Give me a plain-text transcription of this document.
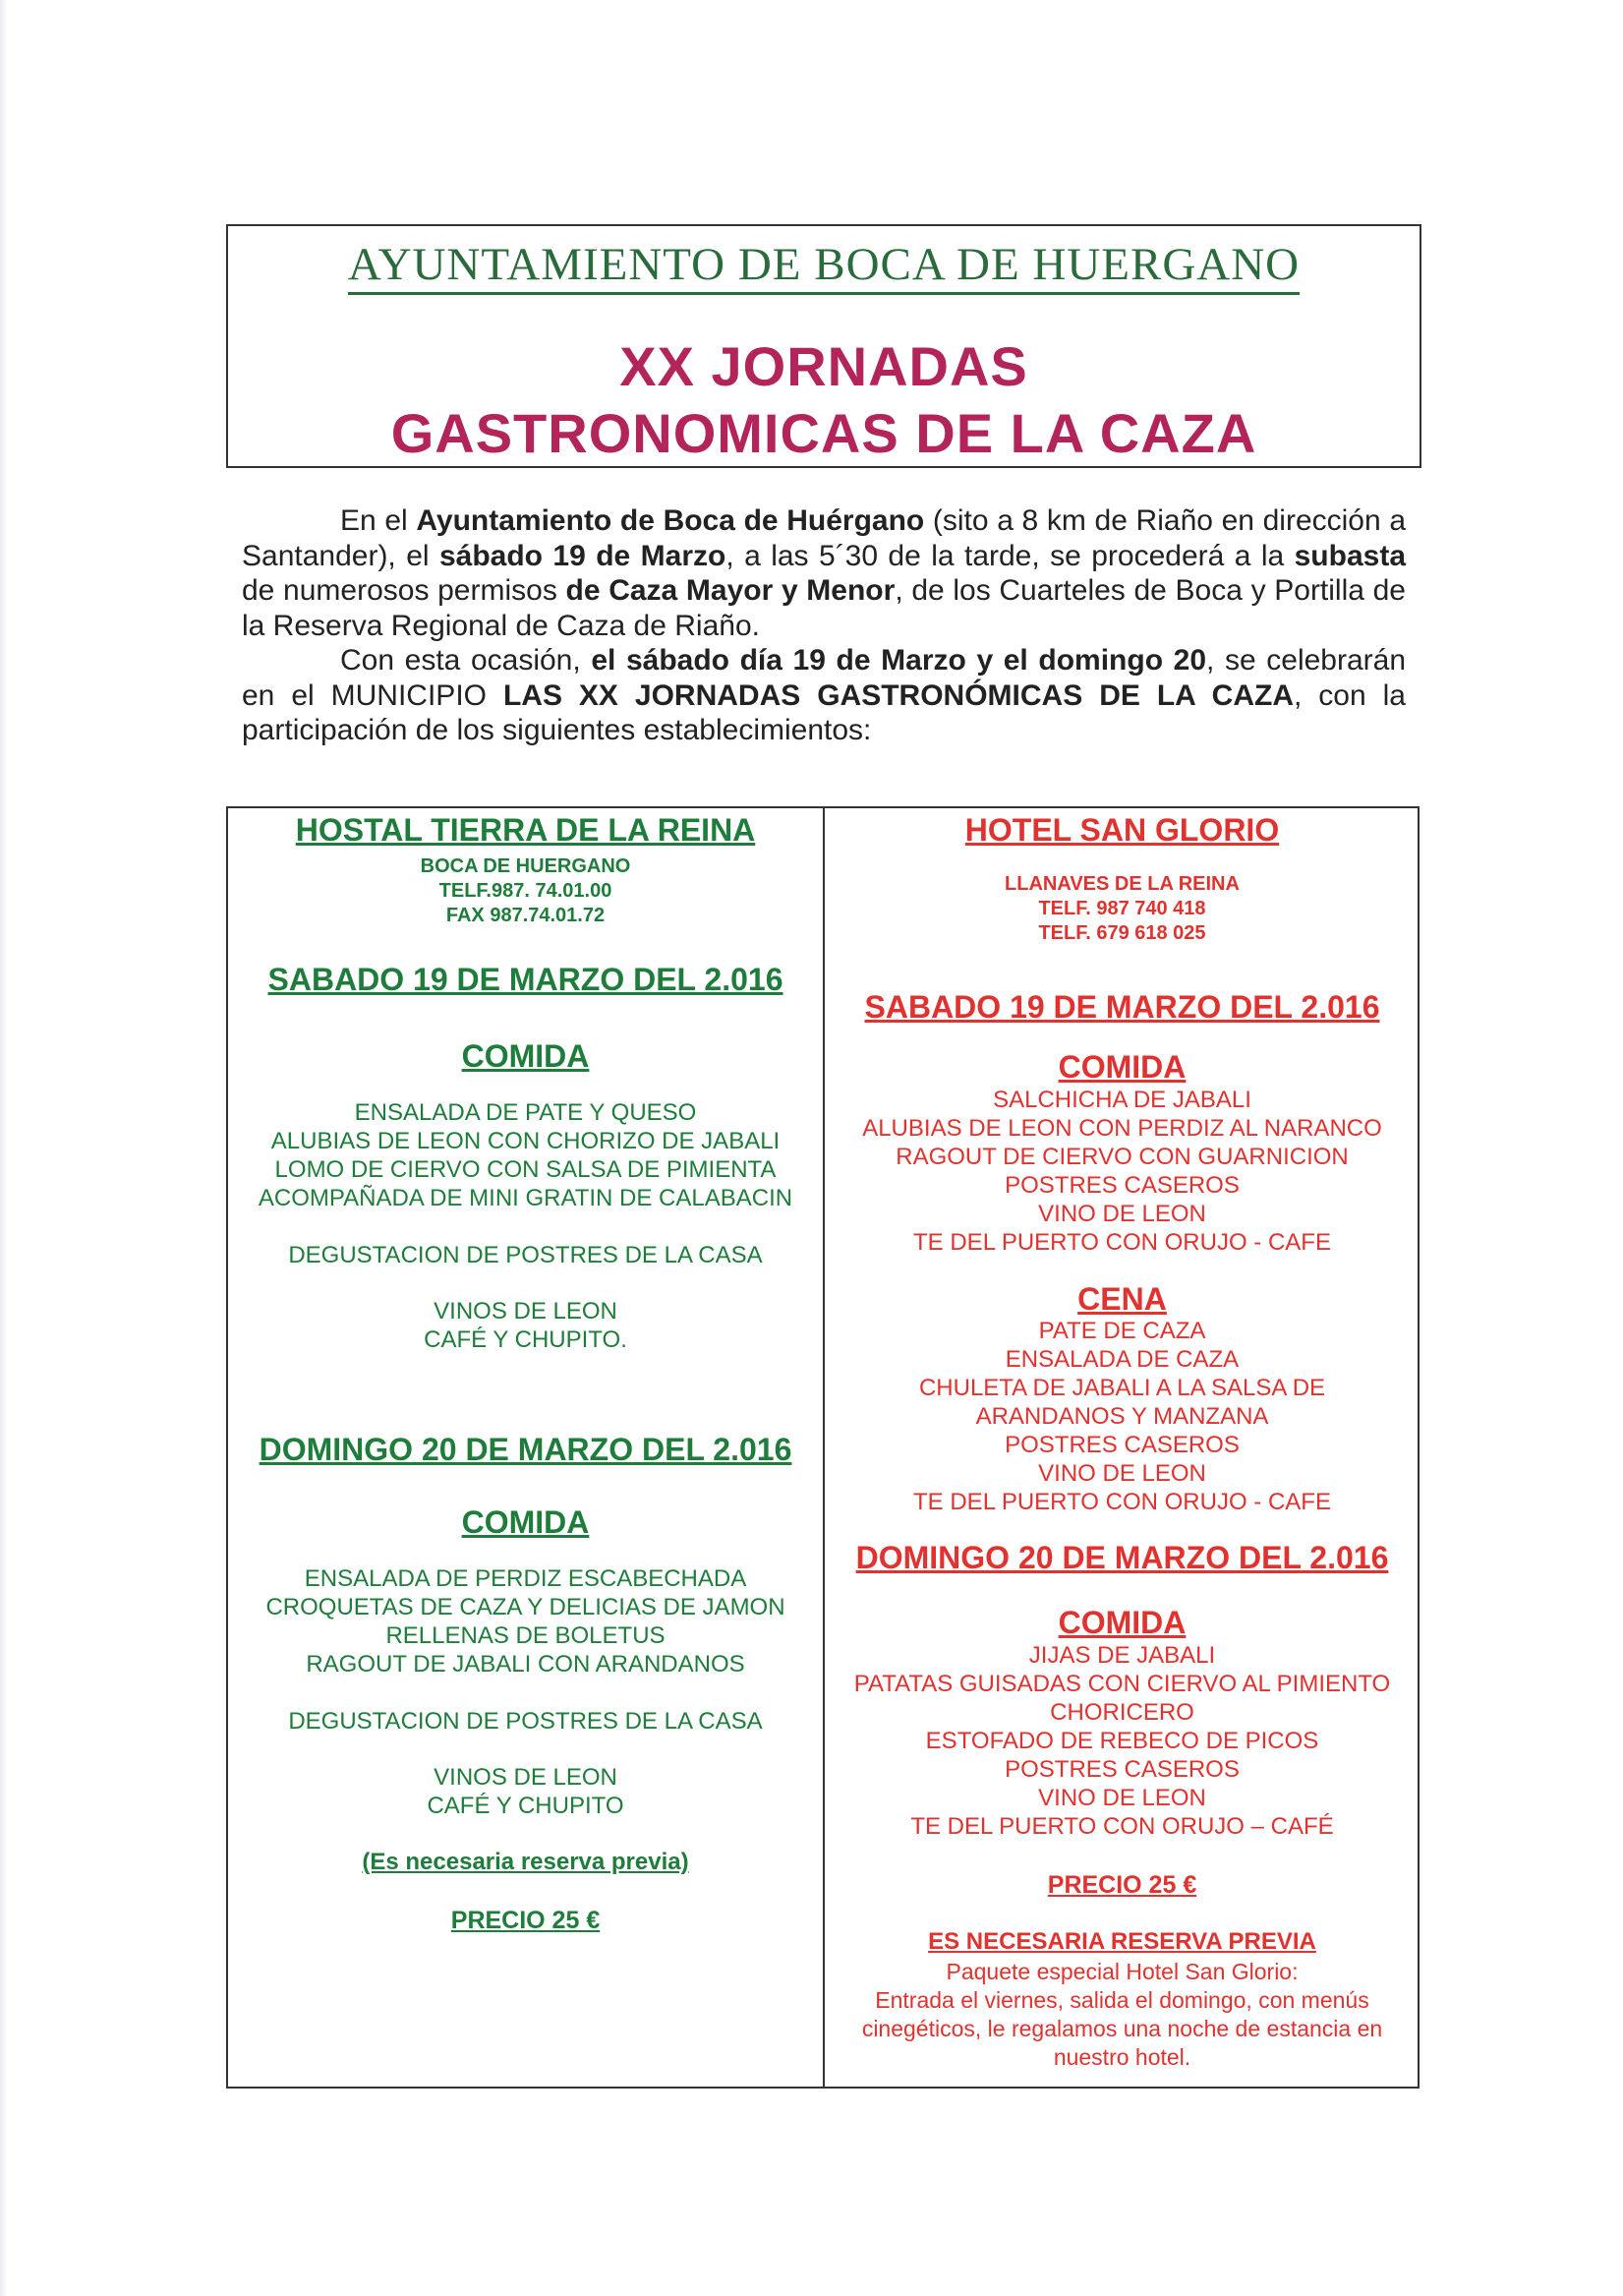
AYUNTAMIENTO DE BOCA DE HUERGANO
XX JORNADAS
GASTRONOMICAS DE LA CAZA

En el Ayuntamiento de Boca de Huérgano (sito a 8 km de Riaño en dirección a Santander), el sábado 19 de Marzo, a las 5´30 de la tarde, se procederá a la subasta de numerosos permisos de Caza Mayor y Menor, de los Cuarteles de Boca y Portilla de la Reserva Regional de Caza de Riaño.

Con esta ocasión, el sábado día 19 de Marzo y el domingo 20, se celebrarán en el MUNICIPIO LAS XX JORNADAS GASTRONÓMICAS DE LA CAZA, con la participación de los siguientes establecimientos:

HOSTAL TIERRA DE LA REINA
BOCA DE HUERGANO
TELF.987. 74.01.00
FAX 987.74.01.72
SABADO 19 DE MARZO DEL 2.016
COMIDA
ENSALADA DE PATE Y QUESO
ALUBIAS DE LEON CON CHORIZO DE JABALI
LOMO DE CIERVO CON SALSA DE PIMIENTA
ACOMPAÑADA DE MINI GRATIN DE CALABACIN
DEGUSTACION DE POSTRES DE LA CASA
VINOS DE LEON
CAFÉ Y CHUPITO.
DOMINGO 20 DE MARZO DEL 2.016
COMIDA
ENSALADA DE PERDIZ ESCABECHADA
CROQUETAS DE CAZA Y DELICIAS DE JAMON
RELLENAS DE BOLETUS
RAGOUT DE JABALI CON ARANDANOS
DEGUSTACION DE POSTRES DE LA CASA
VINOS DE LEON
CAFÉ Y CHUPITO
(Es necesaria reserva previa)
PRECIO 25 €
HOTEL SAN GLORIO
LLANAVES DE LA REINA
TELF. 987 740 418
TELF. 679 618 025
SABADO 19 DE MARZO DEL 2.016
COMIDA
SALCHICHA DE JABALI
ALUBIAS DE LEON CON PERDIZ AL NARANCO
RAGOUT DE CIERVO CON GUARNICION
POSTRES CASEROS
VINO DE LEON
TE DEL PUERTO CON ORUJO - CAFE
CENA
PATE DE CAZA
ENSALADA DE CAZA
CHULETA DE JABALI A LA SALSA DE
ARANDANOS Y MANZANA
POSTRES CASEROS
VINO DE LEON
TE DEL PUERTO CON ORUJO - CAFE
DOMINGO 20 DE MARZO DEL 2.016
COMIDA
JIJAS DE JABALI
PATATAS GUISADAS CON CIERVO AL PIMIENTO
CHORICERO
ESTOFADO DE REBECO DE PICOS
POSTRES CASEROS
VINO DE LEON
TE DEL PUERTO CON ORUJO – CAFÉ
PRECIO 25 €
ES NECESARIA RESERVA PREVIA
Paquete especial Hotel San Glorio:
Entrada el viernes, salida el domingo, con menús
cinegéticos, le regalamos una noche de estancia en
nuestro hotel.
